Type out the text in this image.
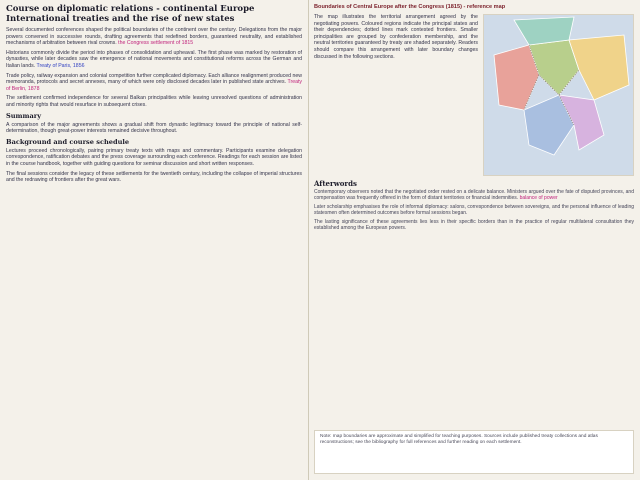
Course on diplomatic relations - continental Europe
International treaties and the rise of new states

Several documented conferences shaped the political boundaries of the continent over the century. Delegations from the major powers convened in successive rounds, drafting agreements that redefined borders, guaranteed neutrality, and established mechanisms of arbitration between rival crowns. the Congress settlement of 1815

Historians commonly divide the period into phases of consolidation and upheaval. The first phase was marked by restoration of dynasties, while later decades saw the emergence of national movements and constitutional reforms across the German and Italian lands. Treaty of Paris, 1856

Trade policy, railway expansion and colonial competition further complicated diplomacy. Each alliance realignment produced new memoranda, protocols and secret annexes, many of which were only disclosed decades later in published state archives. Treaty of Berlin, 1878

The settlement confirmed independence for several Balkan principalities while leaving unresolved questions of administration and minority rights that would resurface in subsequent crises.

Summary

A comparison of the major agreements shows a gradual shift from dynastic legitimacy toward the principle of national self-determination, though great-power interests remained decisive throughout.

Background and course schedule

Lectures proceed chronologically, pairing primary treaty texts with maps and commentary. Participants examine delegation correspondence, ratification debates and the press coverage surrounding each conference. Readings for each session are listed in the course handbook, together with guiding questions for seminar discussion and short written responses.

The final sessions consider the legacy of these settlements for the twentieth century, including the collapse of imperial structures and the redrawing of frontiers after the great wars.

Boundaries of Central Europe after the Congress (1815) - reference map
The map illustrates the territorial arrangement agreed by the negotiating powers. Coloured regions indicate the principal states and their dependencies; dotted lines mark contested frontiers. Smaller principalities are grouped by confederation membership, and the neutral territories guaranteed by treaty are shaded separately. Readers should compare this arrangement with later boundary changes discussed in the following sections.
Afterwords

Contemporary observers noted that the negotiated order rested on a delicate balance. Ministers argued over the fate of disputed provinces, and compensation was frequently offered in the form of distant territories or financial indemnities. balance of power

Later scholarship emphasises the role of informal diplomacy: salons, correspondence between sovereigns, and the personal influence of leading statesmen often determined outcomes before formal sessions began.

The lasting significance of these agreements lies less in their specific borders than in the practice of regular multilateral consultation they established among the European powers.

Note: map boundaries are approximate and simplified for teaching purposes. Sources include published treaty collections and atlas reconstructions; see the bibliography for full references and further reading on each settlement.
